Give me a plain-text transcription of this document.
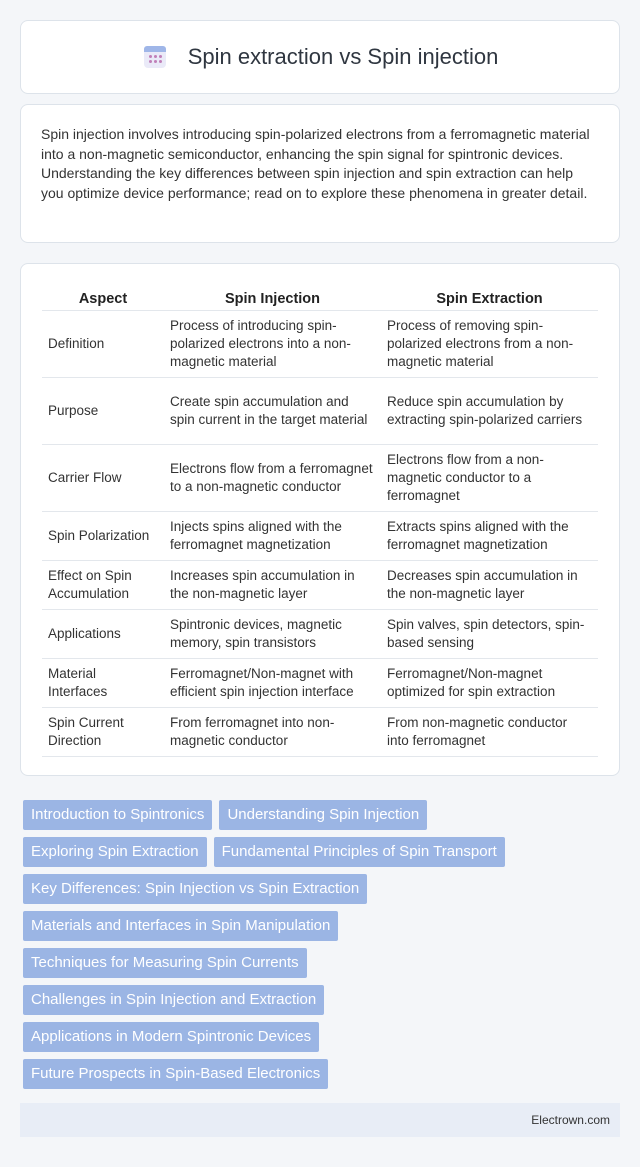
Spin extraction vs Spin injection

Spin injection involves introducing spin-polarized electrons from a ferromagnetic material into a non-magnetic semiconductor, enhancing the spin signal for spintronic devices. Understanding the key differences between spin injection and spin extraction can help you optimize device performance; read on to explore these phenomena in greater detail.

Aspect	Spin Injection	Spin Extraction
Definition	Process of introducing spin-polarized electrons into a non-magnetic material	Process of removing spin-polarized electrons from a non-magnetic material
Purpose	Create spin accumulation and spin current in the target material	Reduce spin accumulation by extracting spin-polarized carriers
Carrier Flow	Electrons flow from a ferromagnet to a non-magnetic conductor	Electrons flow from a non-magnetic conductor to a ferromagnet
Spin Polarization	Injects spins aligned with the ferromagnet magnetization	Extracts spins aligned with the ferromagnet magnetization
Effect on Spin Accumulation	Increases spin accumulation in the non-magnetic layer	Decreases spin accumulation in the non-magnetic layer
Applications	Spintronic devices, magnetic memory, spin transistors	Spin valves, spin detectors, spin-based sensing
Material Interfaces	Ferromagnet/Non-magnet with efficient spin injection interface	Ferromagnet/Non-magnet optimized for spin extraction
Spin Current Direction	From ferromagnet into non-magnetic conductor	From non-magnetic conductor into ferromagnet
Introduction to Spintronics	Understanding Spin Injection
Exploring Spin Extraction	Fundamental Principles of Spin Transport
Key Differences: Spin Injection vs Spin Extraction
Materials and Interfaces in Spin Manipulation
Techniques for Measuring Spin Currents
Challenges in Spin Injection and Extraction
Applications in Modern Spintronic Devices
Future Prospects in Spin-Based Electronics
Electrown.com
